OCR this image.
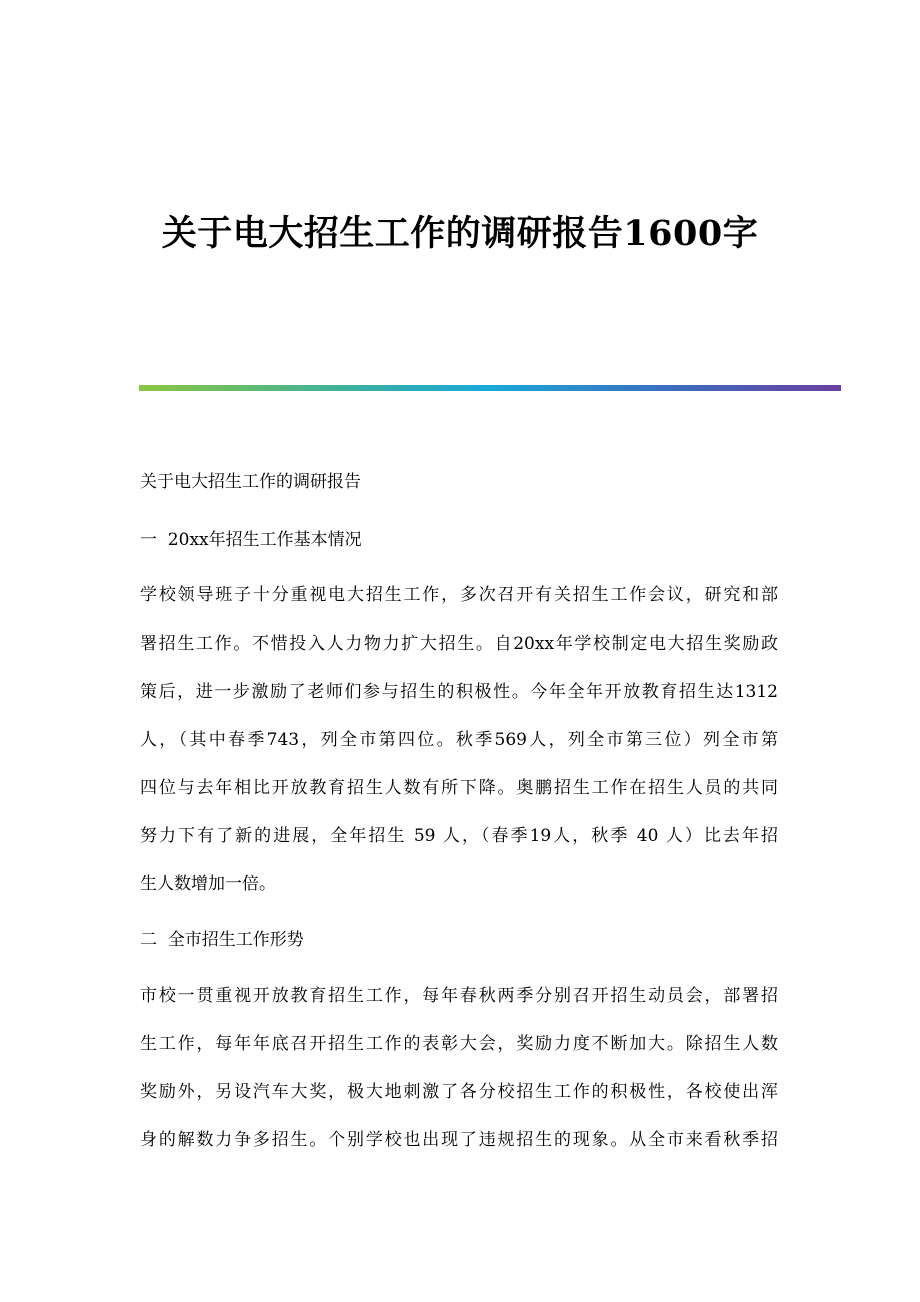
关于电大招生工作的调研报告1600字

关于电大招生工作的调研报告

一  20xx年招生工作基本情况

学校领导班子十分重视电大招生工作，多次召开有关招生工作会议，研究和部

署招生工作。不惜投入人力物力扩大招生。自20xx年学校制定电大招生奖励政

策后，进一步激励了老师们参与招生的积极性。今年全年开放教育招生达1312

人，（其中春季743，列全市第四位。秋季569人，列全市第三位）列全市第

四位与去年相比开放教育招生人数有所下降。奥鹏招生工作在招生人员的共同

努力下有了新的进展，全年招生 59 人，（春季19人，秋季 40 人）比去年招

生人数增加一倍。

二  全市招生工作形势

市校一贯重视开放教育招生工作，每年春秋两季分别召开招生动员会，部署招

生工作，每年年底召开招生工作的表彰大会，奖励力度不断加大。除招生人数

奖励外，另设汽车大奖，极大地刺激了各分校招生工作的积极性，各校使出浑

身的解数力争多招生。个别学校也出现了违规招生的现象。从全市来看秋季招
